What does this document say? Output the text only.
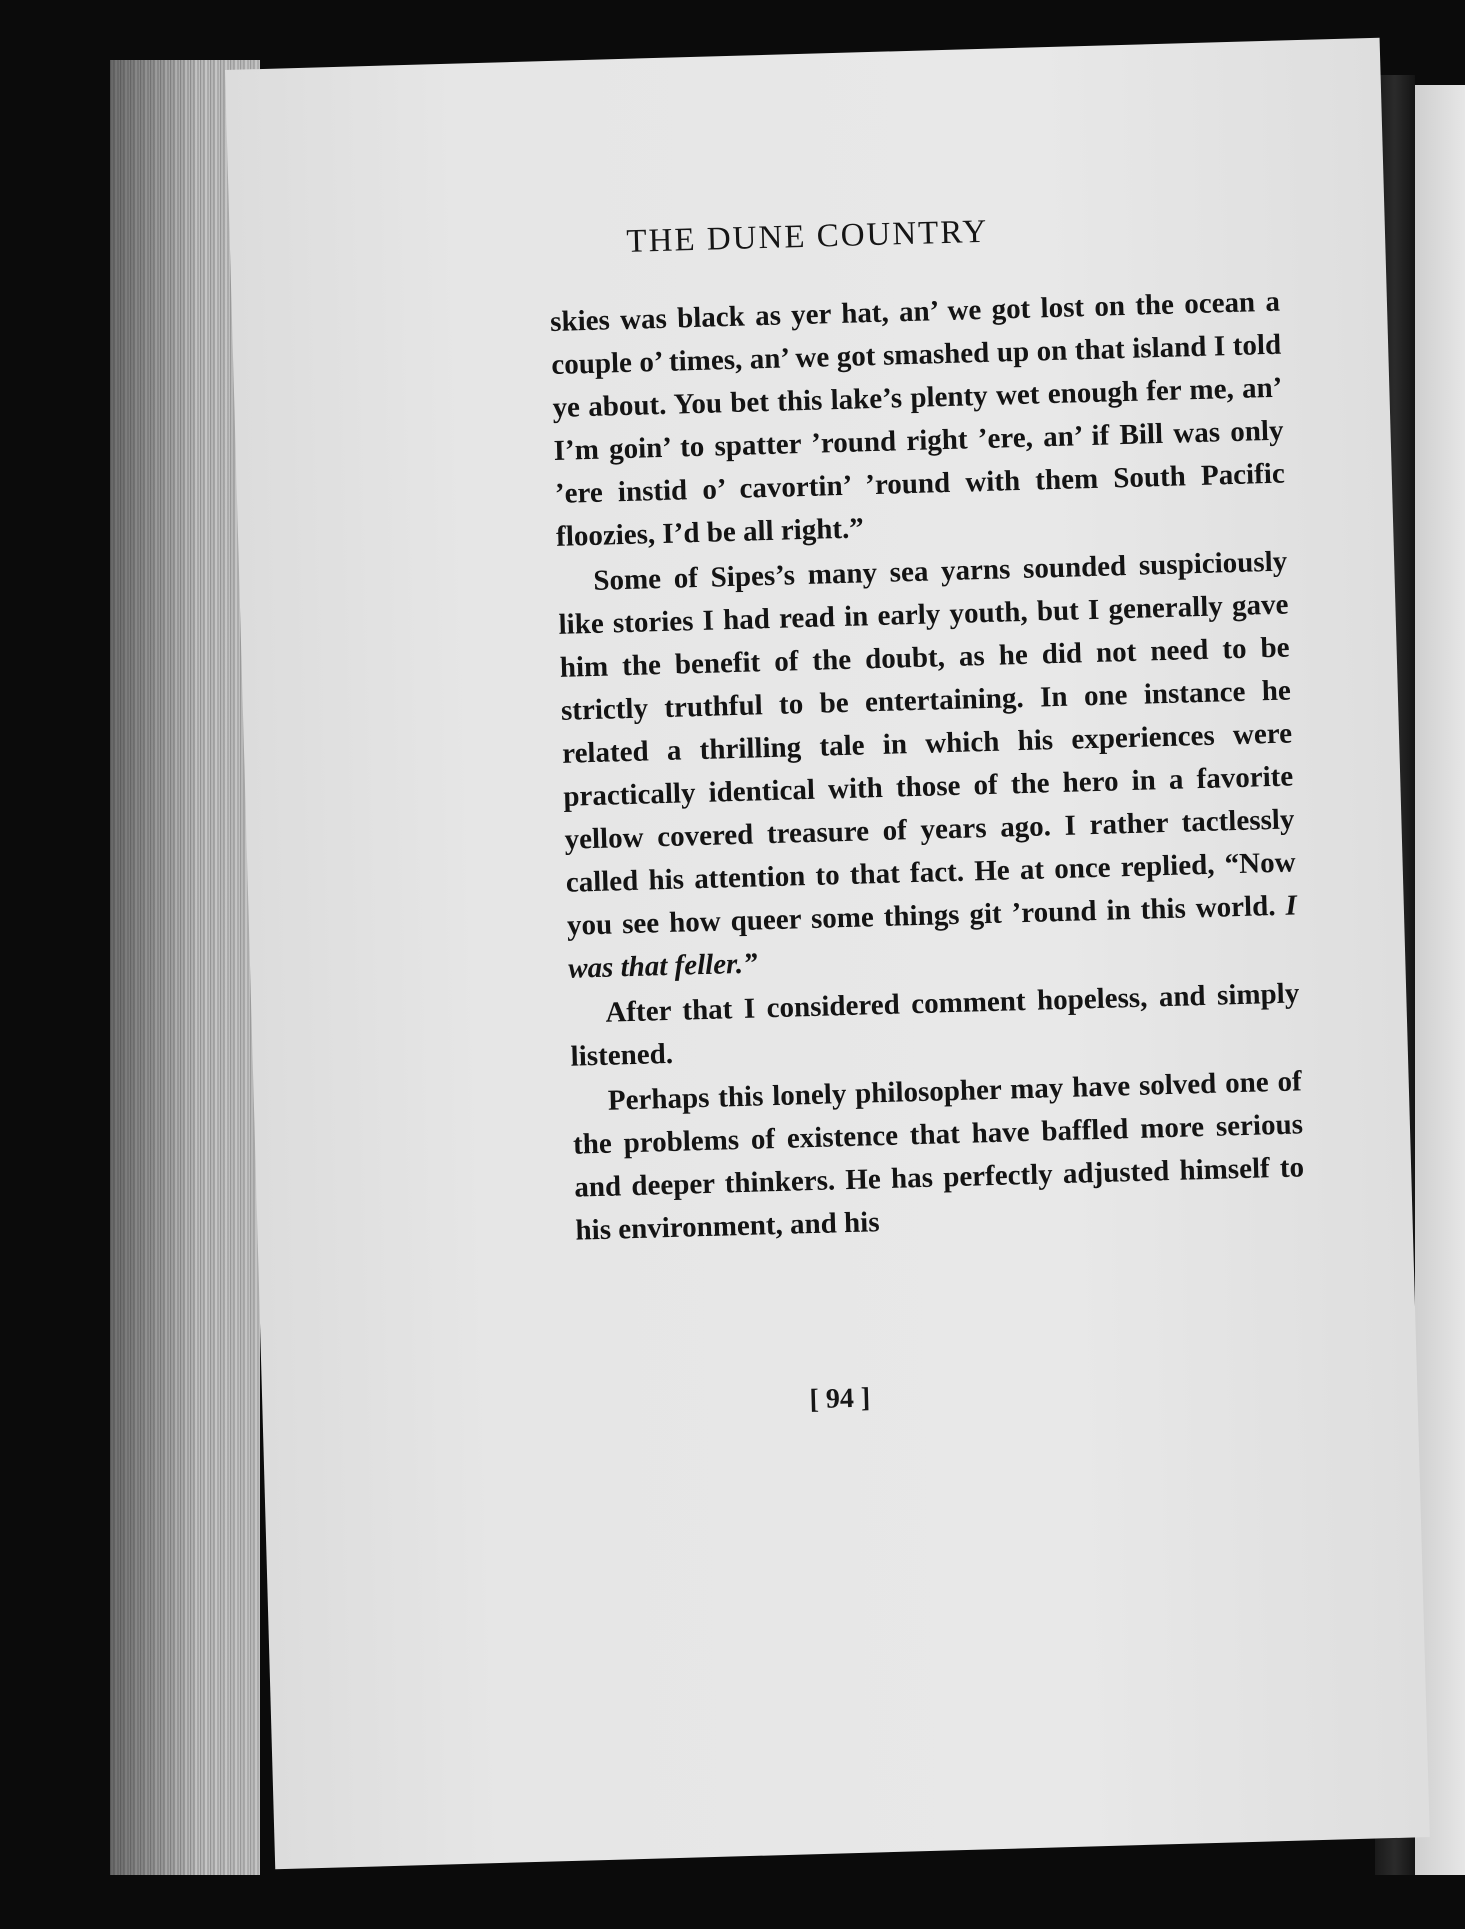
THE DUNE COUNTRY

skies was black as yer hat, an’ we got lost on the ocean a couple o’ times, an’ we got smashed up on that island I told ye about. You bet this lake’s plenty wet enough fer me, an’ I’m goin’ to spatter ’round right ’ere, an’ if Bill was only ’ere instid o’ cavortin’ ’round with them South Pacific floozies, I’d be all right.”

Some of Sipes’s many sea yarns sounded suspiciously like stories I had read in early youth, but I generally gave him the benefit of the doubt, as he did not need to be strictly truthful to be entertaining. In one instance he related a thrilling tale in which his experiences were practically identical with those of the hero in a favorite yellow covered treasure of years ago. I rather tactlessly called his attention to that fact. He at once replied, “Now you see how queer some things git ’round in this world. I was that feller.”

After that I considered comment hopeless, and simply listened.

Perhaps this lonely philosopher may have solved one of the problems of existence that have baffled more serious and deeper thinkers. He has perfectly adjusted himself to his environment, and his

[ 94 ]
